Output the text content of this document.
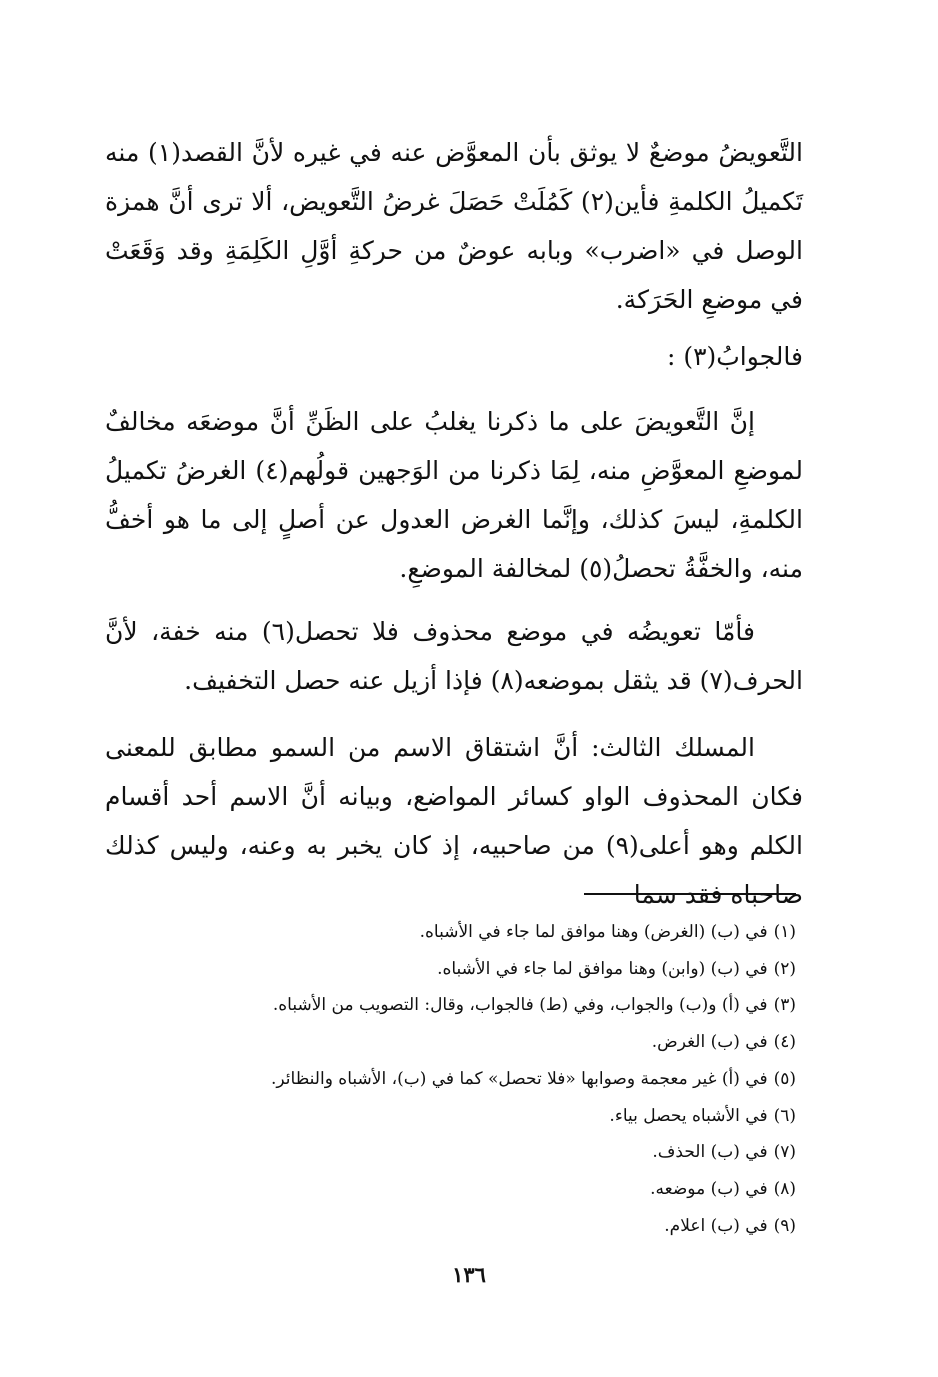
التَّعويضُ موضعٌ لا يوثق بأن المعوَّض عنه في غيره لأنَّ القصد(١) منه تَكميلُ الكلمةِ فأين(٢) كَمُلَتْ حَصَلَ غرضُ التَّعويض، ألا ترى أنَّ همزة الوصل في «اضرب» وبابه عوضٌ من حركةِ أوَّلِ الكَلِمَةِ وقد وَقَعَتْ في موضعِ الحَرَكة.

فالجوابُ(٣) :

إنَّ التَّعويضَ على ما ذكرنا يغلبُ على الظَنِّ أنَّ موضعَه مخالفٌ لموضعِ المعوَّضِ منه، لِمَا ذكرنا من الوَجهين قولُهم(٤) الغرضُ تكميلُ الكلمةِ، ليسَ كذلك، وإنَّما الغرض العدول عن أصلٍ إلى ما هو أخفُّ منه، والخفَّةُ تحصلُ(٥) لمخالفة الموضعِ.

فأمّا تعويضُه في موضع محذوف فلا تحصل(٦) منه خفة، لأنَّ الحرف(٧) قد يثقل بموضعه(٨) فإذا أزيل عنه حصل التخفيف.

المسلك الثالث: أنَّ اشتقاق الاسم من السمو مطابق للمعنى فكان المحذوف الواو كسائر المواضع، وبيانه أنَّ الاسم أحد أقسام الكلم وهو أعلى(٩) من صاحبيه، إذ كان يخبر به وعنه، وليس كذلك صاحباه فقد سما

(١)في (ب) (الغرض) وهنا موافق لما جاء في الأشباه.
(٢)في (ب) (وابن) وهنا موافق لما جاء في الأشباه.
(٣)في (أ) و(ب) والجواب، وفي (ط) فالجواب، وقال: التصويب من الأشباه.
(٤)في (ب) الغرض.
(٥)في (أ) غير معجمة وصوابها «فلا تحصل» كما في (ب)، الأشباه والنظائر.
(٦)في الأشباه يحصل بياء.
(٧)في (ب) الحذف.
(٨)في (ب) موضعه.
(٩)في (ب) اعلام.
١٣٦
